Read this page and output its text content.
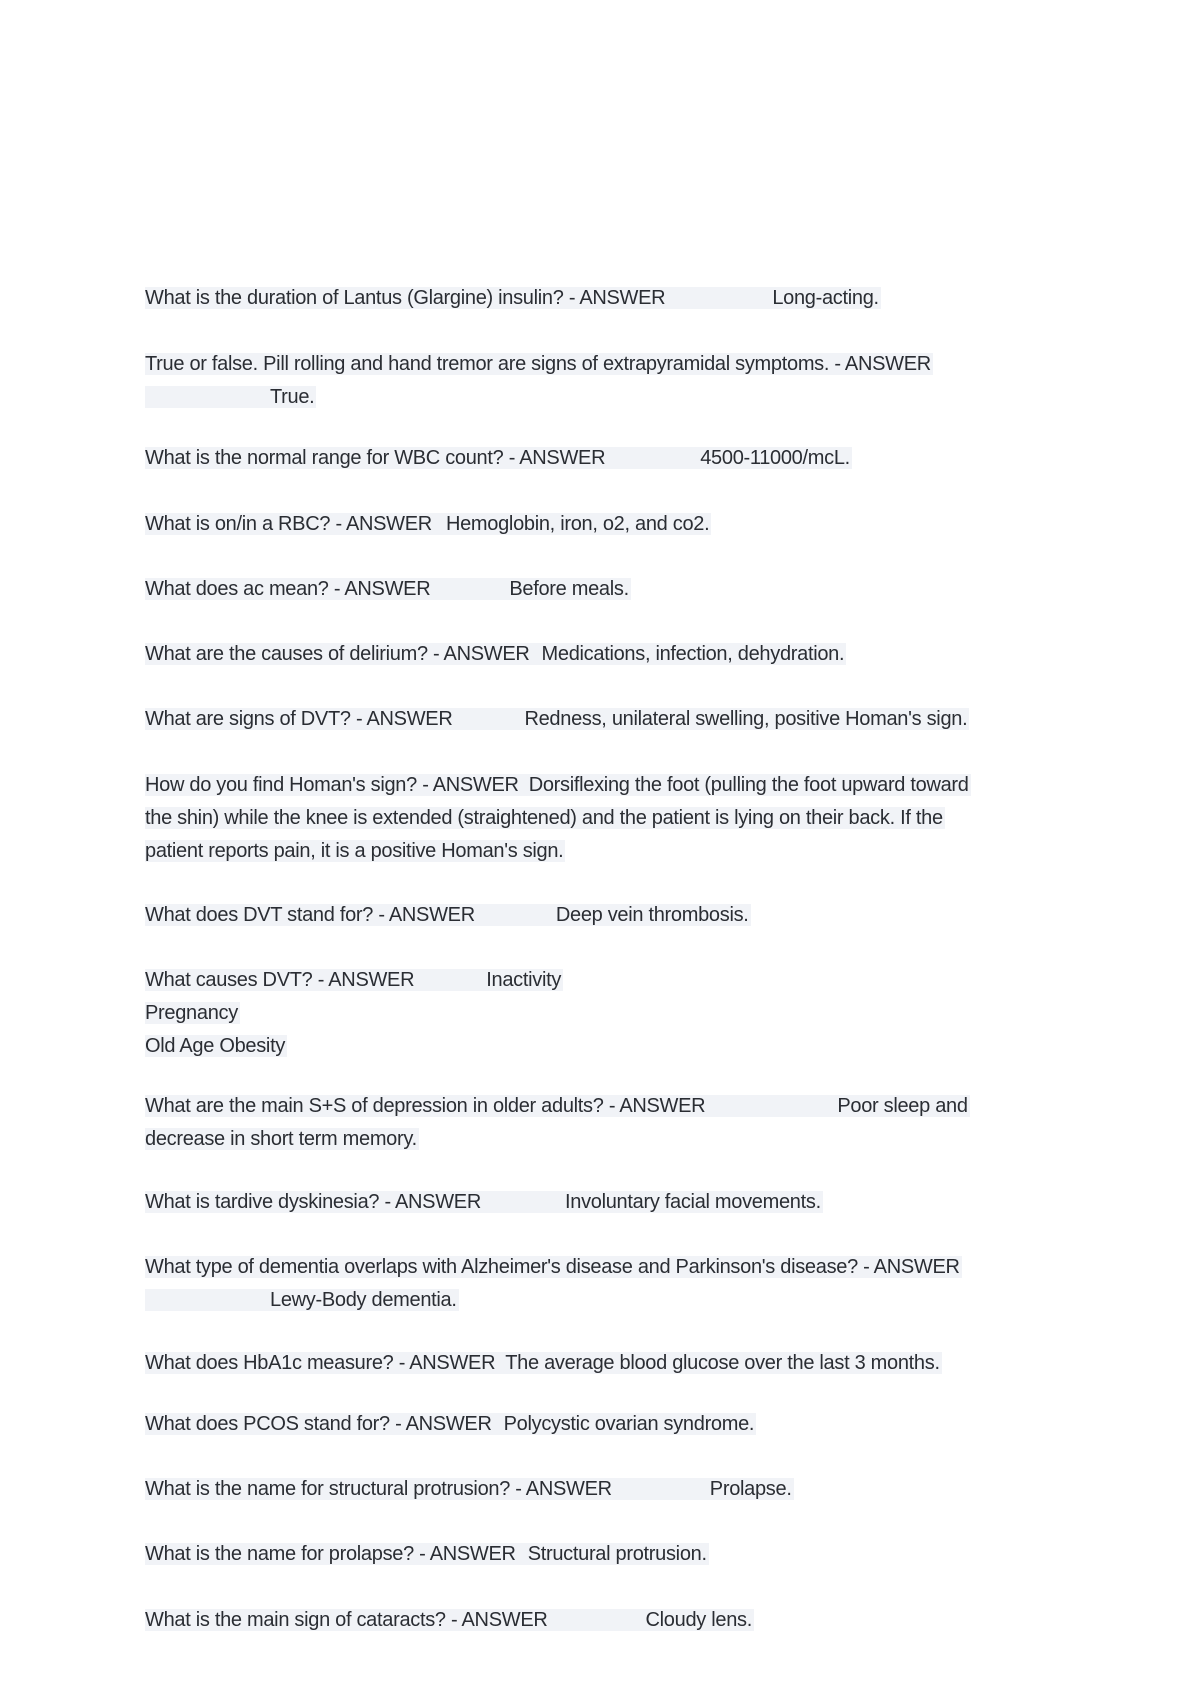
What is the duration of Lantus (Glargine) insulin? - ANSWER	Long-acting.
True or false. Pill rolling and hand tremor are signs of extrapyramidal symptoms. - ANSWER
True.
What is the normal range for WBC count? - ANSWER	4500-11000/mcL.
What is on/in a RBC? - ANSWER Hemoglobin, iron, o2, and co2.
What does ac mean? - ANSWER	Before meals.
What are the causes of delirium? - ANSWER Medications, infection, dehydration.
What are signs of DVT? - ANSWER	Redness, unilateral swelling, positive Homan's sign.
How do you find Homan's sign? - ANSWER Dorsiflexing the foot (pulling the foot upward toward
the shin) while the knee is extended (straightened) and the patient is lying on their back. If the
patient reports pain, it is a positive Homan's sign.
What does DVT stand for? - ANSWER	Deep vein thrombosis.
What causes DVT? - ANSWER	Inactivity
Pregnancy
Old Age Obesity
What are the main S+S of depression in older adults? - ANSWER	Poor sleep and
decrease in short term memory.
What is tardive dyskinesia? - ANSWER	Involuntary facial movements.
What type of dementia overlaps with Alzheimer's disease and Parkinson's disease? - ANSWER
Lewy-Body dementia.
What does HbA1c measure? - ANSWER The average blood glucose over the last 3 months.
What does PCOS stand for? - ANSWER Polycystic ovarian syndrome.
What is the name for structural protrusion? - ANSWER	Prolapse.
What is the name for prolapse? - ANSWER Structural protrusion.
What is the main sign of cataracts? - ANSWER	Cloudy lens.
